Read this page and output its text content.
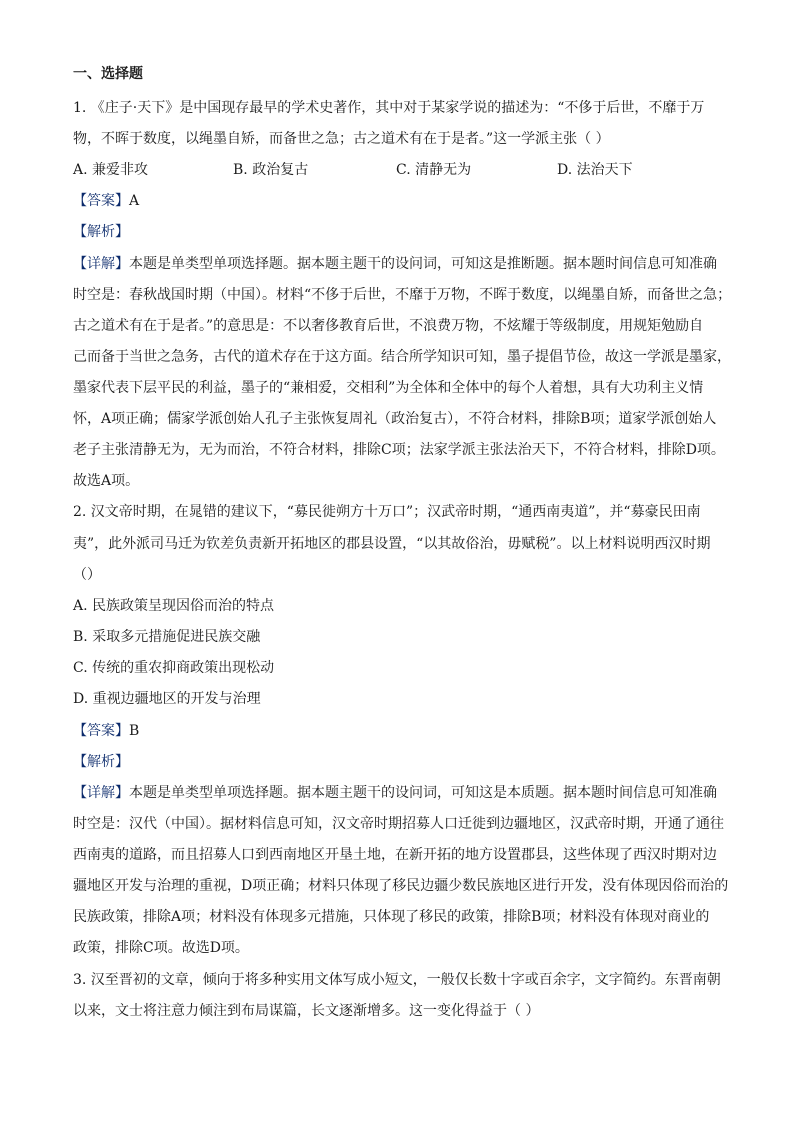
一、选择题
1. 《庄子·天下》是中国现存最早的学术史著作，其中对于某家学说的描述为：“不侈于后世，不靡于万
物，不晖于数度，以绳墨自矫，而备世之急；古之道术有在于是者。”这一学派主张（ ）
A. 兼爱非攻	B. 政治复古	C. 清静无为	D. 法治天下
【答案】A
【解析】
【详解】本题是单类型单项选择题。据本题主题干的设问词，可知这是推断题。据本题时间信息可知准确
时空是：春秋战国时期（中国）。材料“不侈于后世，不靡于万物，不晖于数度，以绳墨自矫，而备世之急；
古之道术有在于是者。”的意思是：不以奢侈教育后世，不浪费万物，不炫耀于等级制度，用规矩勉励自
己而备于当世之急务，古代的道术存在于这方面。结合所学知识可知，墨子提倡节俭，故这一学派是墨家，
墨家代表下层平民的利益，墨子的“兼相爱，交相利”为全体和全体中的每个人着想，具有大功利主义情
怀，A项正确；儒家学派创始人孔子主张恢复周礼（政治复古），不符合材料，排除B项；道家学派创始人
老子主张清静无为，无为而治，不符合材料，排除C项；法家学派主张法治天下，不符合材料，排除D项。
故选A项。
2. 汉文帝时期，在晁错的建议下，“募民徙朔方十万口”；汉武帝时期，“通西南夷道”，并“募豪民田南
夷”，此外派司马迁为钦差负责新开拓地区的郡县设置，“以其故俗治，毋赋税”。以上材料说明西汉时期
（）
A. 民族政策呈现因俗而治的特点
B. 采取多元措施促进民族交融
C. 传统的重农抑商政策出现松动
D. 重视边疆地区的开发与治理
【答案】B
【解析】
【详解】本题是单类型单项选择题。据本题主题干的设问词，可知这是本质题。据本题时间信息可知准确
时空是：汉代（中国）。据材料信息可知，汉文帝时期招募人口迁徙到边疆地区，汉武帝时期，开通了通往
西南夷的道路，而且招募人口到西南地区开垦土地，在新开拓的地方设置郡县，这些体现了西汉时期对边
疆地区开发与治理的重视，D项正确；材料只体现了移民边疆少数民族地区进行开发，没有体现因俗而治的
民族政策，排除A项；材料没有体现多元措施，只体现了移民的政策，排除B项；材料没有体现对商业的
政策，排除C项。故选D项。
3. 汉至晋初的文章，倾向于将多种实用文体写成小短文，一般仅长数十字或百余字，文字简约。东晋南朝
以来，文士将注意力倾注到布局谋篇，长文逐渐增多。这一变化得益于（ ）
